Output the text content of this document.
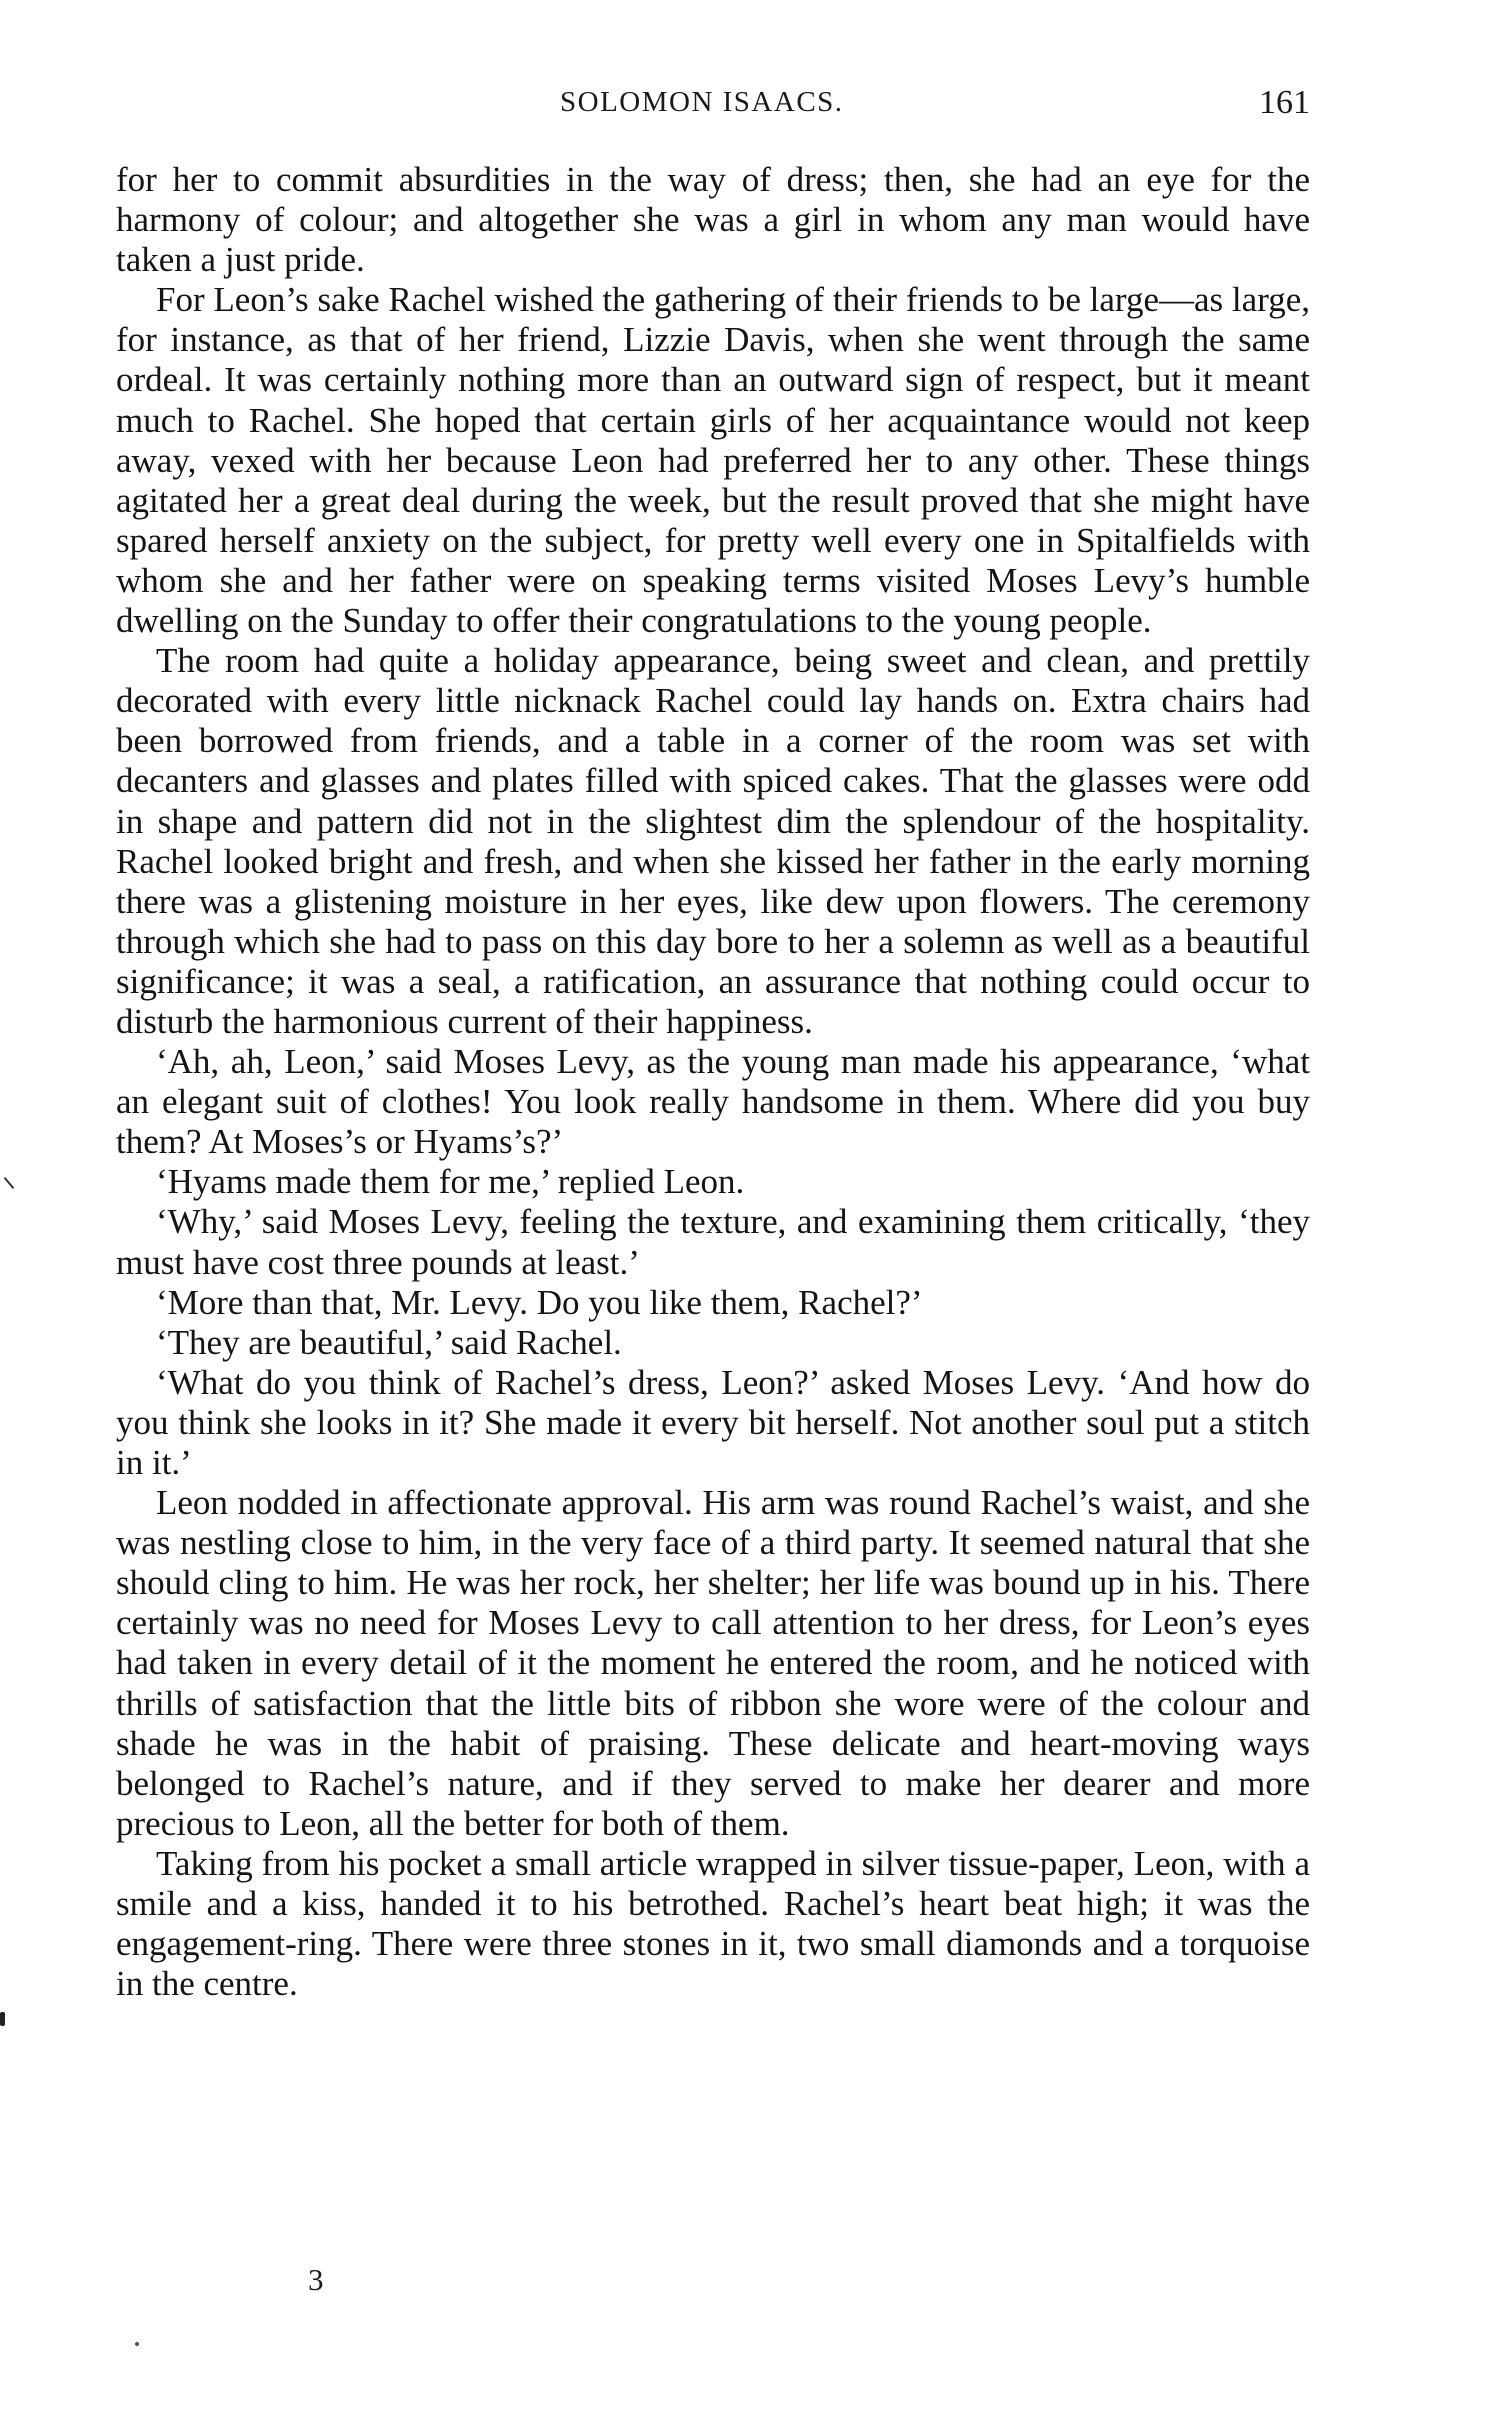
SOLOMON ISAACS.	161

for her to commit absurdities in the way of dress; then, she had an eye for the harmony of colour; and altogether she was a girl in whom any man would have taken a just pride.

For Leon’s sake Rachel wished the gathering of their friends to be large—as large, for instance, as that of her friend, Lizzie Davis, when she went through the same ordeal. It was certainly nothing more than an outward sign of respect, but it meant much to Rachel. She hoped that certain girls of her acquaintance would not keep away, vexed with her because Leon had preferred her to any other. These things agitated her a great deal during the week, but the result proved that she might have spared herself anxiety on the subject, for pretty well every one in Spitalfields with whom she and her father were on speaking terms visited Moses Levy’s humble dwelling on the Sunday to offer their congratulations to the young people.

The room had quite a holiday appearance, being sweet and clean, and prettily decorated with every little nicknack Rachel could lay hands on. Extra chairs had been borrowed from friends, and a table in a corner of the room was set with decanters and glasses and plates filled with spiced cakes. That the glasses were odd in shape and pattern did not in the slightest dim the splendour of the hospitality. Rachel looked bright and fresh, and when she kissed her father in the early morning there was a glistening moisture in her eyes, like dew upon flowers. The ceremony through which she had to pass on this day bore to her a solemn as well as a beautiful significance; it was a seal, a ratification, an assurance that nothing could occur to disturb the harmonious current of their happiness.

‘Ah, ah, Leon,’ said Moses Levy, as the young man made his appearance, ‘what an elegant suit of clothes! You look really handsome in them. Where did you buy them? At Moses’s or Hyams’s?’

‘Hyams made them for me,’ replied Leon.

‘Why,’ said Moses Levy, feeling the texture, and examining them critically, ‘they must have cost three pounds at least.’

‘More than that, Mr. Levy. Do you like them, Rachel?’

‘They are beautiful,’ said Rachel.

‘What do you think of Rachel’s dress, Leon?’ asked Moses Levy. ‘And how do you think she looks in it? She made it every bit herself. Not another soul put a stitch in it.’

Leon nodded in affectionate approval. His arm was round Rachel’s waist, and she was nestling close to him, in the very face of a third party. It seemed natural that she should cling to him. He was her rock, her shelter; her life was bound up in his. There certainly was no need for Moses Levy to call attention to her dress, for Leon’s eyes had taken in every detail of it the moment he entered the room, and he noticed with thrills of satisfaction that the little bits of ribbon she wore were of the colour and shade he was in the habit of praising. These delicate and heart-moving ways belonged to Rachel’s nature, and if they served to make her dearer and more precious to Leon, all the better for both of them.

Taking from his pocket a small article wrapped in silver tissue-paper, Leon, with a smile and a kiss, handed it to his betrothed. Rachel’s heart beat high; it was the engagement-ring. There were three stones in it, two small diamonds and a torquoise in the centre.

3
